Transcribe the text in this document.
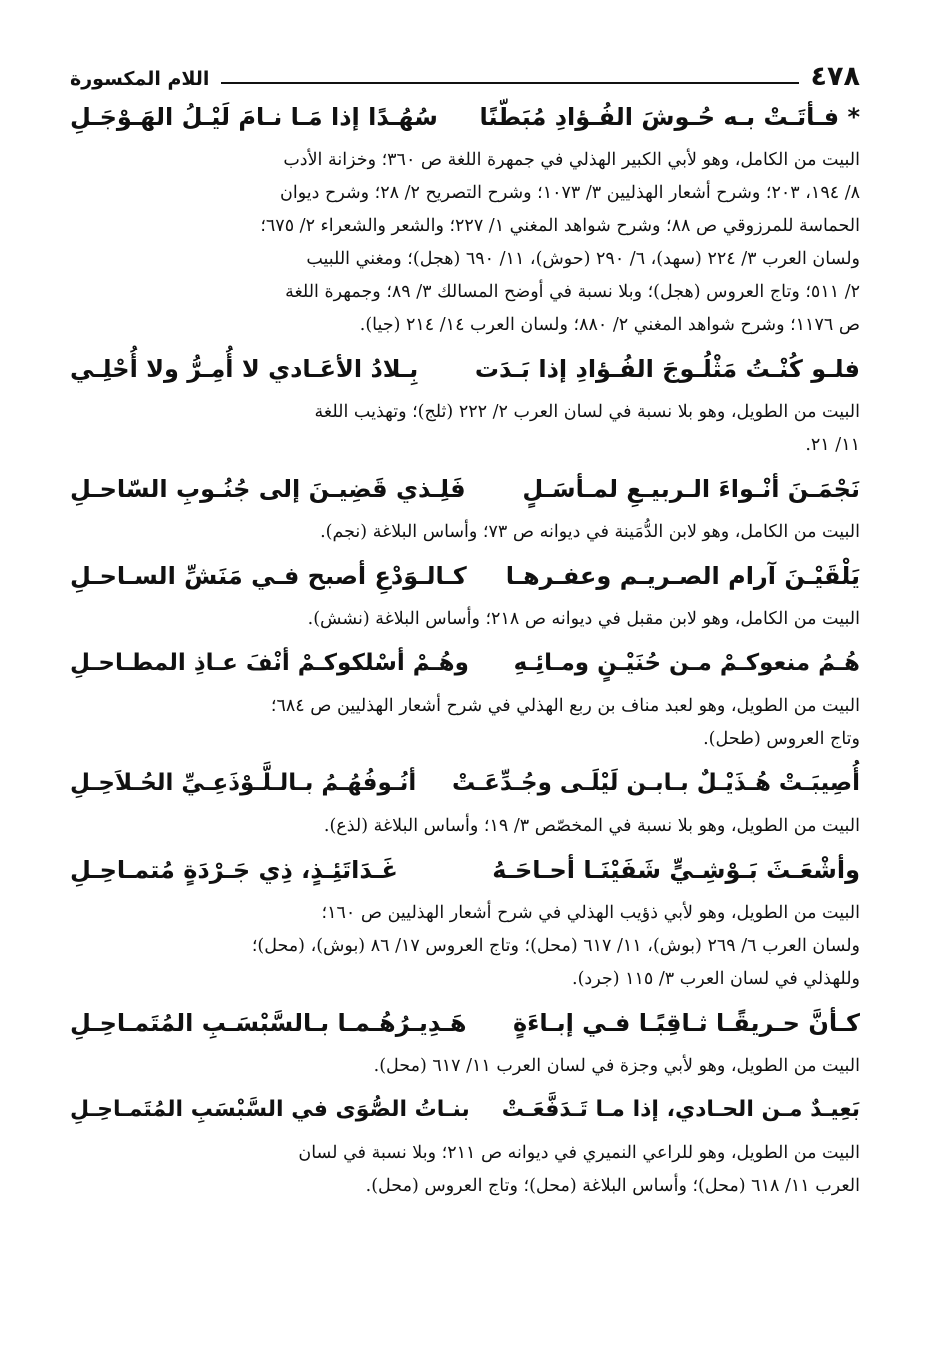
٤٧٨
اللام المكسورة
* فـأتَـتْ بـه حُـوشَ الفُـؤادِ مُبَطّنًا
سُهُـدًا إذا مَـا نـامَ لَيْـلُ الهَـوْجَـلِ
البيت من الكامل، وهو لأبي الكبير الهذلي في جمهرة اللغة ص ٣٦٠؛ وخزانة الأدب
٨/ ١٩٤، ٢٠٣؛ وشرح أشعار الهذليين ٣/ ١٠٧٣؛ وشرح التصريح ٢/ ٢٨؛ وشرح ديوان
الحماسة للمرزوقي ص ٨٨؛ وشرح شواهد المغني ١/ ٢٢٧؛ والشعر والشعراء ٢/ ٦٧٥؛
ولسان العرب ٣/ ٢٢٤ (سهد)، ٦/ ٢٩٠ (حوش)، ١١/ ٦٩٠ (هجل)؛ ومغني اللبيب
٢/ ٥١١؛ وتاج العروس (هجل)؛ وبلا نسبة في أوضح المسالك ٣/ ٨٩؛ وجمهرة اللغة
ص ١١٧٦؛ وشرح شواهد المغني ٢/ ٨٨٠؛ ولسان العرب ١٤/ ٢١٤ (جيا).
فلـو كُنْـتُ مَثْلُـوجَ الفُـؤادِ إذا بَـدَت
بِـلادُ الأعَـادي لا أُمِـرُّ ولا أُحْلِـي
البيت من الطويل، وهو بلا نسبة في لسان العرب ٢/ ٢٢٢ (ثلج)؛ وتهذيب اللغة
١١/ ٢١.
نَجْمَـنَ أنْـواءَ الـربيـعِ لمـأسَـلٍ
فَلِـذي قَضِيـنَ إلى جُنُـوبِ السّاحـلِ
البيت من الكامل، وهو لابن الدُّمَينة في ديوانه ص ٧٣؛ وأساس البلاغة (نجم).
يَلْقَيْـنَ آرام الصـريـم وعفـرهـا
كـالـوَدْعِ أصبح فـي مَنَشِّ السـاحـلِ
البيت من الكامل، وهو لابن مقبل في ديوانه ص ٢١٨؛ وأساس البلاغة (نشش).
هُـمُ منعوكـمْ مـن حُنَيْـنٍ ومـائِـهِ
وهُـمْ أسْلكوكـمْ أنْفَ عـاذِ المطـاحـلِ
البيت من الطويل، وهو لعبد مناف بن ربع الهذلي في شرح أشعار الهذليين ص ٦٨٤؛
وتاج العروس (طحل).
أُصِيبَـتْ هُـذَيْـلٌ بـابـن لَيْلَـى وجُـدِّعَـتْ
أنُـوفُهُـمُ بـالـلَّـوْذَعِـيِّ الحُـلاَحِـلِ
البيت من الطويل، وهو بلا نسبة في المخصّص ٣/ ١٩؛ وأساس البلاغة (لذع).
وأشْعَـثَ بَـوْشِـيٍّ شَفَيْنَـا أحـاحَـهُ
غَـدَاتَئِـذٍ، ذِي جَـرْدَةٍ مُتمـاحِـلِ
البيت من الطويل، وهو لأبي ذؤيب الهذلي في شرح أشعار الهذليين ص ١٦٠؛
ولسان العرب ٦/ ٢٦٩ (بوش)، ١١/ ٦١٧ (محل)؛ وتاج العروس ١٧/ ٨٦ (بوش)، (محل)؛
وللهذلي في لسان العرب ٣/ ١١٥ (جرد).
كـأنَّ حـريقًـا ثـاقِبًـا فـي إبـاءَةٍ
هَـدِيـرُهُـمـا بـالسَّبْسَـبِ المُتَمـاحِـلِ
البيت من الطويل، وهو لأبي وجزة في لسان العرب ١١/ ٦١٧ (محل).
بَعِيـدٌ مـن الحـادي، إذا مـا تَـدَفَّعَـتْ
بنـاتُ الصُّوَى في السَّبْسَبِ المُتَمـاحِـلِ
البيت من الطويل، وهو للراعي النميري في ديوانه ص ٢١١؛ وبلا نسبة في لسان
العرب ١١/ ٦١٨ (محل)؛ وأساس البلاغة (محل)؛ وتاج العروس (محل).
